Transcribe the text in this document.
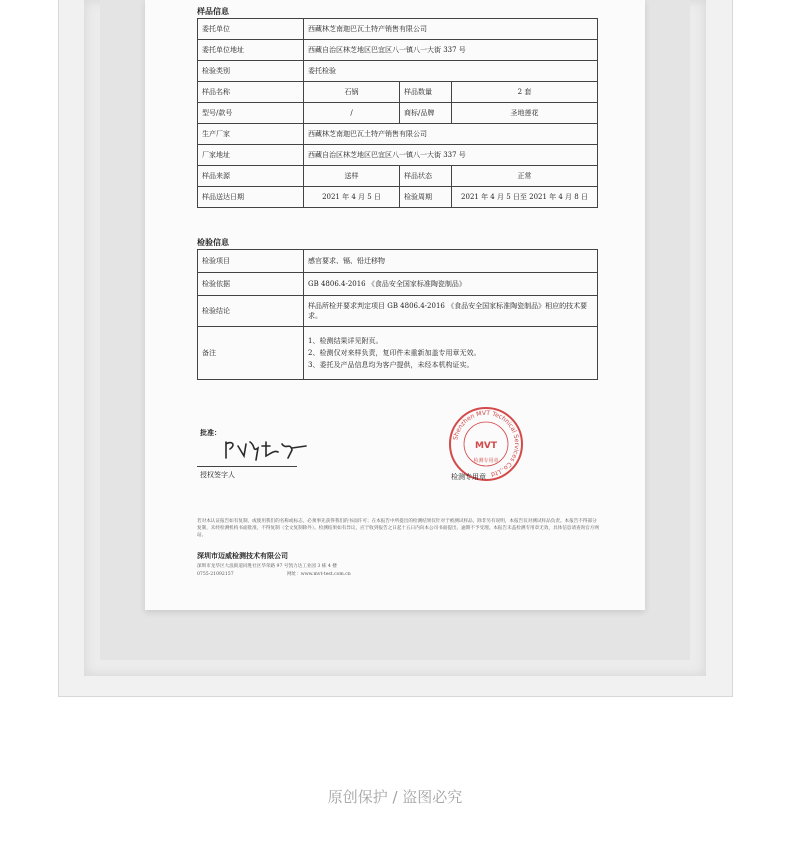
样品信息
委托单位	西藏林芝南迦巴瓦土特产销售有限公司		
委托单位地址	西藏自治区林芝地区巴宜区八一镇八一大街 337 号		
检验类别	委托检验		
样品名称	石锅	样品数量	2 套
型号/款号	/	商标/品牌	圣地莲花
生产厂家	西藏林芝南迦巴瓦土特产销售有限公司		
厂家地址	西藏自治区林芝地区巴宜区八一镇八一大街 337 号		
样品来源	送样	样品状态	正常
样品送达日期	2021 年 4 月 5 日	检验周期	2021 年 4 月 5 日至 2021 年 4 月 8 日
检验信息
检验项目	感官要求、镉、铅迁移物
检验依据	GB 4806.4-2016 《食品安全国家标准陶瓷制品》
检验结论	样品所检并要求判定项目 GB 4806.4-2016 《食品安全国家标准陶瓷制品》相应的技术要求。
备注	1、检测结果详见附页。
2、检测仅对来样负责，复印件未重新加盖专用章无效。
3、委托及产品信息均为客户提供，未经本机构证实。
批准：
授权签字人
Shenzhen MVT Technical Services Co.,Ltd
MVT
检测专用章
检测专用章
若对本认证报告如有复制，或使用我们的名称或标志，必须事先获得我们的书面许可；在本报告中所提出的检测结果仅针对于被测试样品，除非另有说明，本报告仅对测试样品负责。本报告不得部分复制，未经检测机构书面批准，不得复制（全文复制除外）。检测结果如有异议，应于收到报告之日起十五日内向本公司书面提出，逾期不予受理。本报告未盖检测专用章无效，具体信息请查询官方网站。
深圳市迈威检测技术有限公司
深圳市龙华区大浪街道同胜社区华荣路 97 号凯力达工业园 3 栋 4 楼
0755-21092157	网址：www.mvt-test.com.cn
原创保护 / 盗图必究
